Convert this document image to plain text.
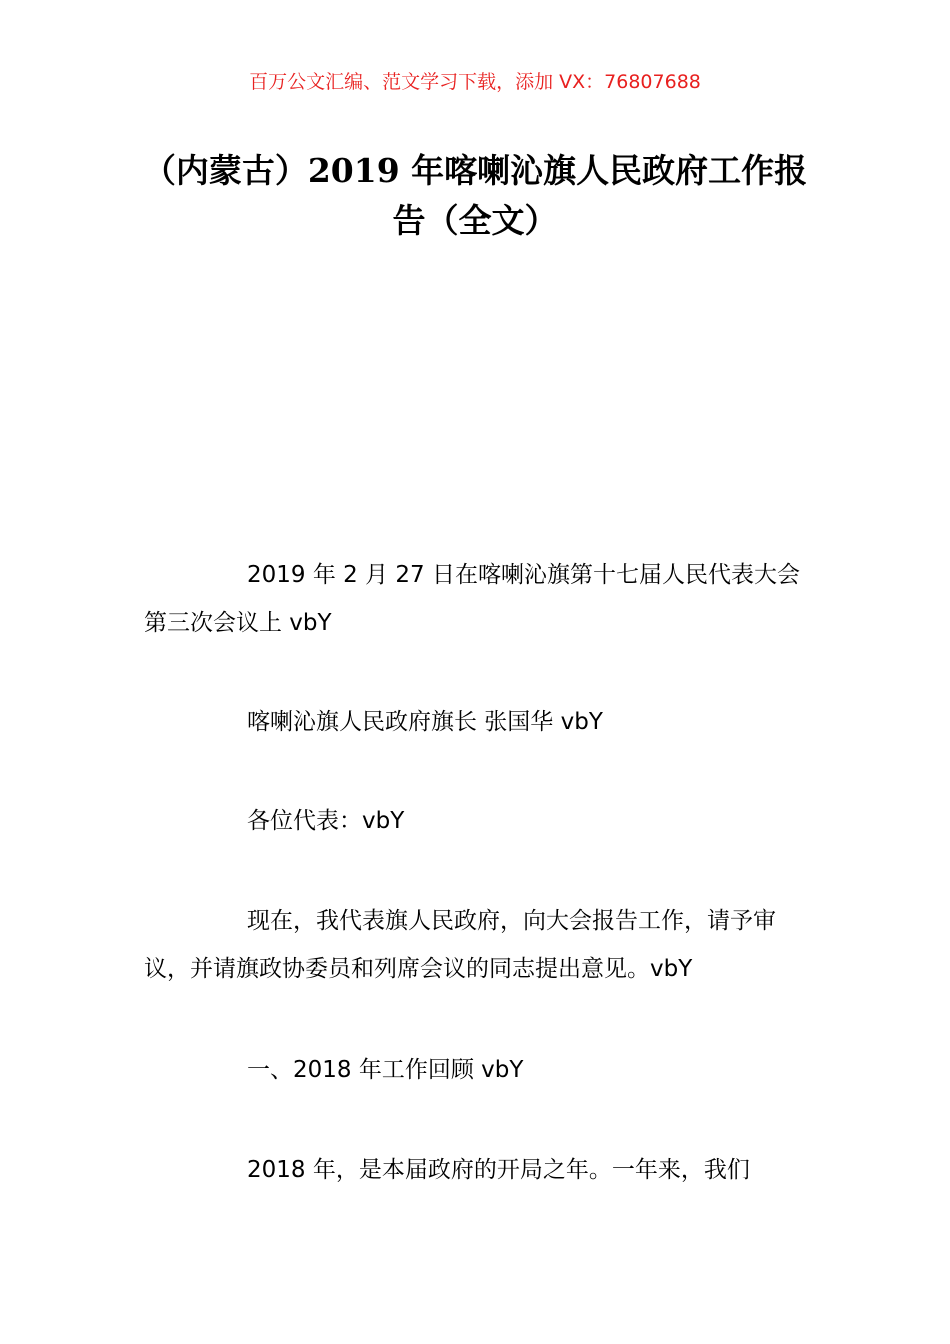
百万公文汇编、范文学习下载，添加 VX：76807688
（内蒙古）2019 年喀喇沁旗人民政府工作报告（全文）

2019 年 2 月 27 日在喀喇沁旗第十七届人民代表大会第三次会议上 vbY

喀喇沁旗人民政府旗长 张国华 vbY

各位代表：vbY

现在，我代表旗人民政府，向大会报告工作，请予审议，并请旗政协委员和列席会议的同志提出意见。vbY

一、2018 年工作回顾 vbY

2018 年，是本届政府的开局之年。一年来，我们
